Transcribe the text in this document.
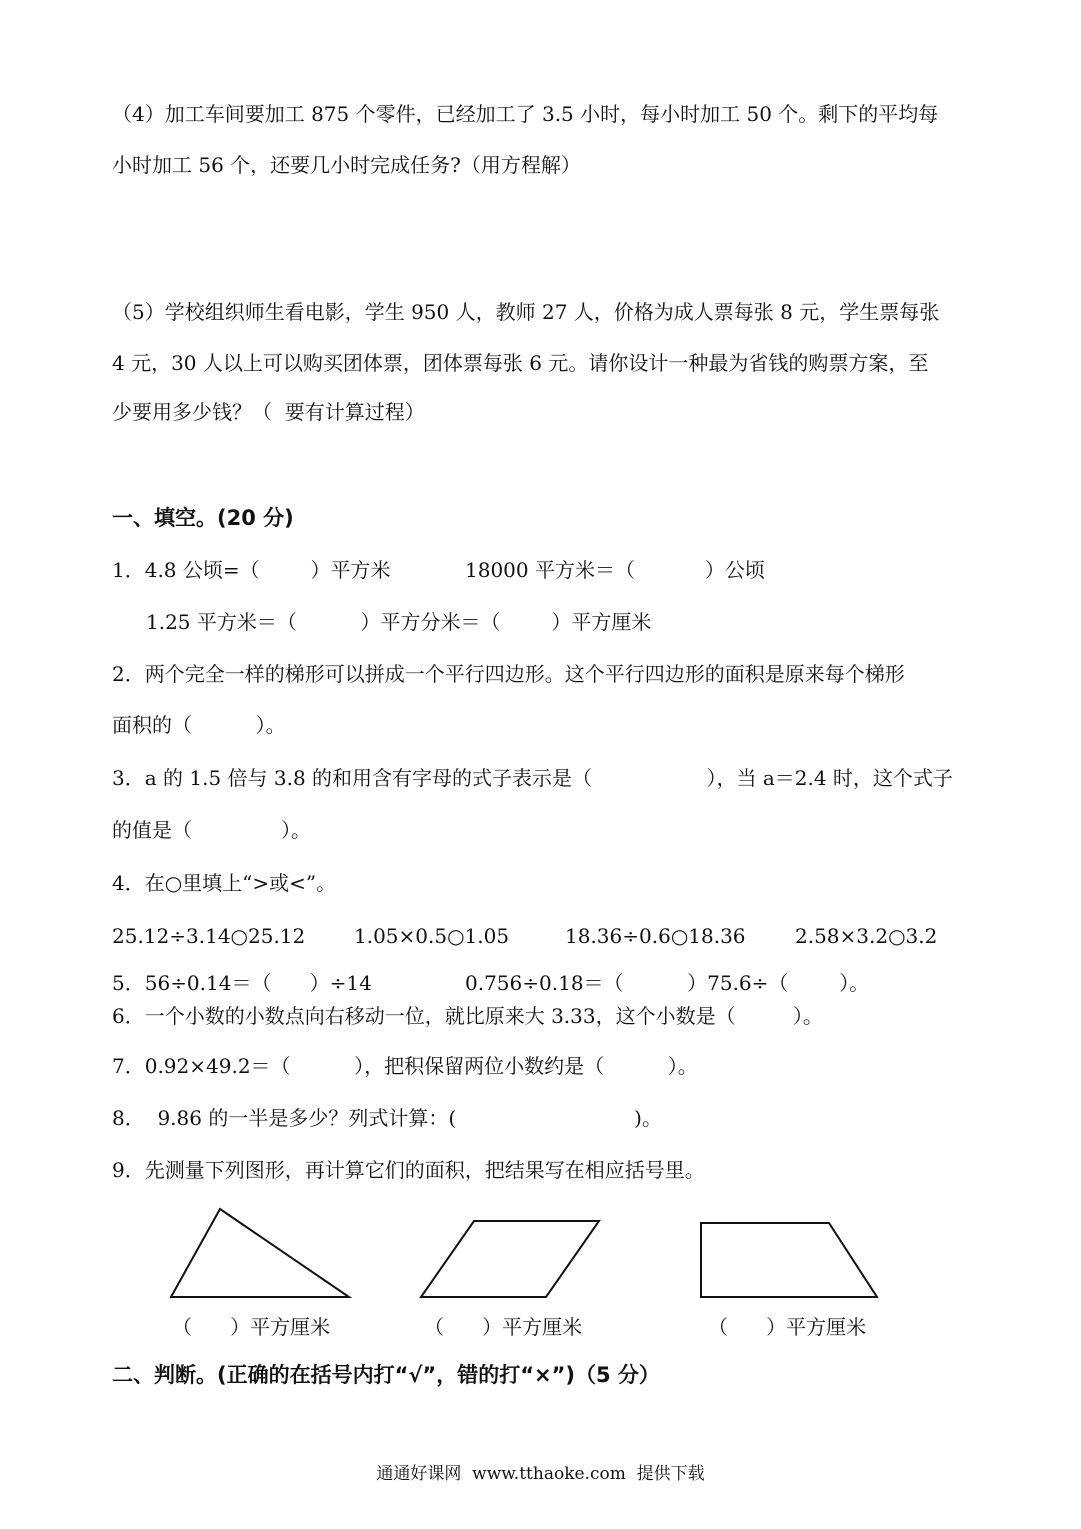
（4）加工车间要加工 875 个零件，已经加工了 3.5 小时，每小时加工 50 个。剩下的平均每
小时加工 56 个，还要几小时完成任务?（用方程解）
（5）学校组织师生看电影，学生 950 人，教师 27 人，价格为成人票每张 8 元，学生票每张
4 元，30 人以上可以购买团体票，团体票每张 6 元。请你设计一种最为省钱的购票方案，至
少要用多少钱？（  要有计算过程）
一、填空。(20 分)
1．4.8 公顷=（        ）平方米	18000 平方米＝（           ）公顷
1.25 平方米＝（          ）平方分米＝（        ）平方厘米
2．两个完全一样的梯形可以拼成一个平行四边形。这个平行四边形的面积是原来每个梯形
面积的（          ）。
3．a 的 1.5 倍与 3.8 的和用含有字母的式子表示是（                  ），当 a＝2.4 时，这个式子
的值是（              ）。
4．在○里填上“>或<”。
25.12÷3.14○25.12 1.05×0.5○1.05	18.36÷0.6○18.36 2.58×3.2○3.2
5．56÷0.14＝（      ）÷14	0.756÷0.18＝（          ）75.6÷（        ）。
6．一个小数的小数点向右移动一位，就比原来大 3.33，这个小数是（         ）。
7．0.92×49.2＝（          ），把积保留两位小数约是（          ）。
8．  9.86 的一半是多少？列式计算：(                            )。
9．先测量下列图形，再计算它们的面积，把结果写在相应括号里。
（      ）平方厘米	（      ）平方厘米	（      ）平方厘米
二、判断。(正确的在括号内打“√”，错的打“×”)（5 分）
通通好课网  www.tthaoke.com  提供下载
